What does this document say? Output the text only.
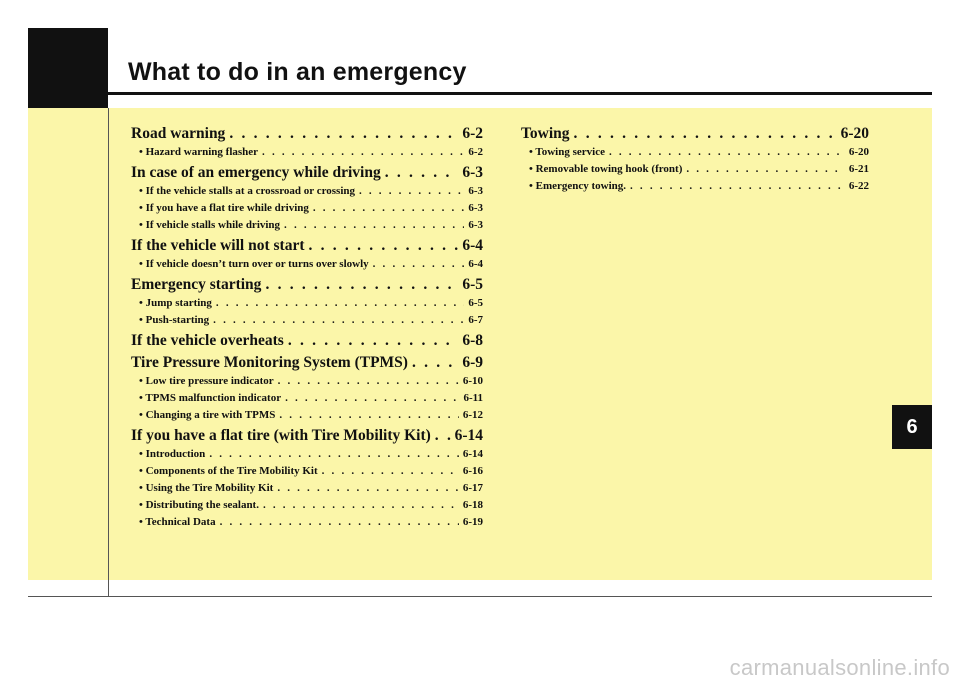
What to do in an emergency
Road warning . . .	6-2
• Hazard warning flasher . . .	6-2
In case of an emergency while driving . . .	6-3
• If the vehicle stalls at a crossroad or crossing . . .	6-3
• If you have a flat tire while driving . . .	6-3
• If vehicle stalls while driving . . .	6-3
If the vehicle will not start . . .	6-4
• If vehicle doesn’t turn over or turns over slowly . . .	6-4
Emergency starting . . .	6-5
• Jump starting . . .	6-5
• Push-starting . . .	6-7
If the vehicle overheats . . .	6-8
Tire Pressure Monitoring System (TPMS) . . .	6-9
• Low tire pressure indicator . . .	6-10
• TPMS malfunction indicator . . .	6-11
• Changing a tire with TPMS . . .	6-12
If you have a flat tire (with Tire Mobility Kit) . . . 6-14
• Introduction . . .	6-14
• Components of the Tire Mobility Kit . . .	6-16
• Using the Tire Mobility Kit . . .	6-17
• Distributing the sealant. . . .	6-18
• Technical Data . . .	6-19
Towing . . .	6-20
• Towing service . . .	6-20
• Removable towing hook (front) . . .	6-21
• Emergency towing. . . .	6-22
6
carmanualsonline.info
